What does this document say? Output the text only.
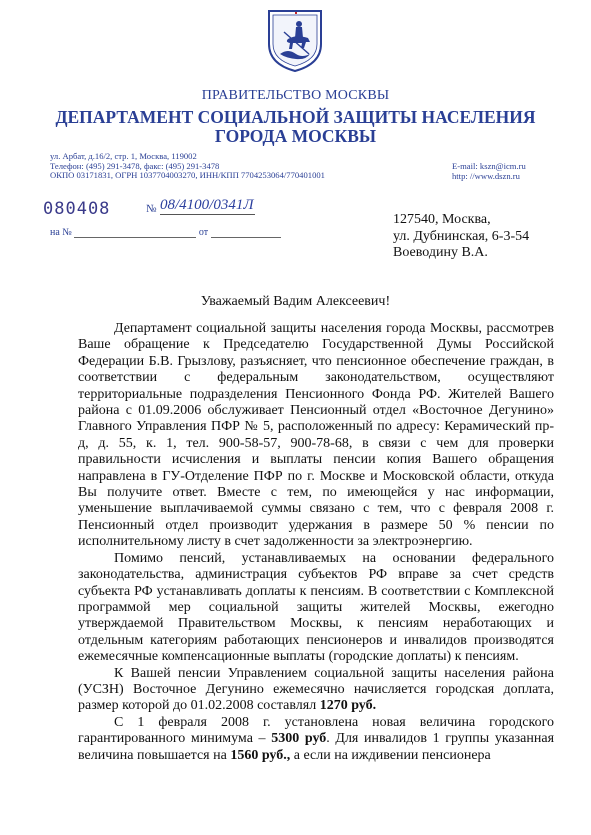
ПРАВИТЕЛЬСТВО МОСКВЫ
ДЕПАРТАМЕНТ СОЦИАЛЬНОЙ ЗАЩИТЫ НАСЕЛЕНИЯ
ГОРОДА МОСКВЫ
ул. Арбат, д.16/2, стр. 1, Москва, 119002
Телефон: (495) 291-3478, факс: (495) 291-3478
ОКПО 03171831, ОГРН 1037704003270, ИНН/КПП 7704253064/770401001
E-mail: kszn@icm.ru
http: //www.dszn.ru
080408	№ 08/4100/0341Л
на №	от
127540, Москва,
ул. Дубнинская, 6-3-54
Воеводину В.А.
Уважаемый Вадим Алексеевич!

Департамент социальной защиты населения города Москвы, рассмотрев Ваше обращение к Председателю Государственной Думы Российской Федерации Б.В. Грызлову, разъясняет, что пенсионное обеспечение граждан, в соответствии с федеральным законодательством, осуществляют территориальные подразделения Пенсионного Фонда РФ. Жителей Вашего района с 01.09.2006 обслуживает Пенсионный отдел «Восточное Дегунино» Главного Управления ПФР № 5, расположенный по адресу: Керамический пр-д, д. 55, к. 1, тел. 900-58-57, 900-78-68, в связи с чем для проверки правильности исчисления и выплаты пенсии копия Вашего обращения направлена в ГУ-Отделение ПФР по г. Москве и Московской области, откуда Вы получите ответ. Вместе с тем, по имеющейся у нас информации, уменьшение выплачиваемой суммы связано с тем, что с февраля 2008 г. Пенсионный отдел производит удержания в размере 50 % пенсии по исполнительному листу в счет задолженности за электроэнергию.

Помимо пенсий, устанавливаемых на основании федерального законодательства, администрация субъектов РФ вправе за счет средств субъекта РФ устанавливать доплаты к пенсиям. В соответствии с Комплексной программой мер социальной защиты жителей Москвы, ежегодно утверждаемой Правительством Москвы, к пенсиям неработающих и отдельным категориям работающих пенсионеров и инвалидов производятся ежемесячные компенсационные выплаты (городские доплаты) к пенсиям.

К Вашей пенсии Управлением социальной защиты населения района (УСЗН) Восточное Дегунино ежемесячно начисляется городская доплата, размер которой до 01.02.2008 составлял 1270 руб.

С 1 февраля 2008 г. установлена новая величина городского гарантированного минимума – 5300 руб. Для инвалидов 1 группы указанная величина повышается на 1560 руб., а если на иждивении пенсионера
